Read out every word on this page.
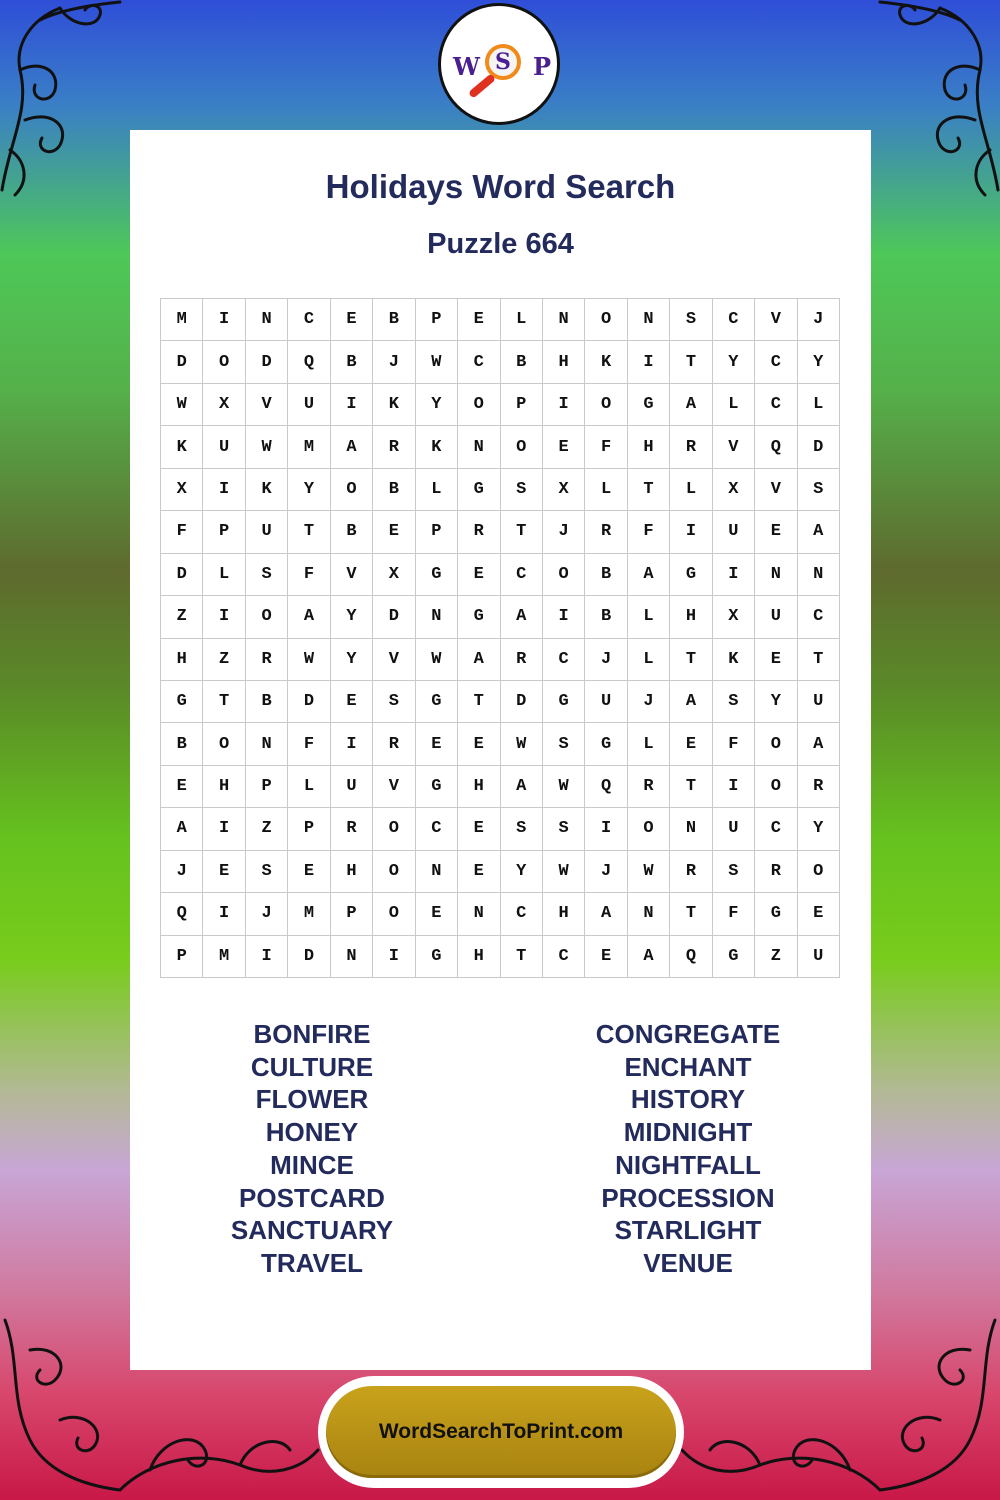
W S P
Holidays Word Search
Puzzle 664
M	I	N	C	E	B	P	E	L	N	O	N	S	C	V	J
D	O	D	Q	B	J	W	C	B	H	K	I	T	Y	C	Y
W	X	V	U	I	K	Y	O	P	I	O	G	A	L	C	L
K	U	W	M	A	R	K	N	O	E	F	H	R	V	Q	D
X	I	K	Y	O	B	L	G	S	X	L	T	L	X	V	S
F	P	U	T	B	E	P	R	T	J	R	F	I	U	E	A
D	L	S	F	V	X	G	E	C	O	B	A	G	I	N	N
Z	I	O	A	Y	D	N	G	A	I	B	L	H	X	U	C
H	Z	R	W	Y	V	W	A	R	C	J	L	T	K	E	T
G	T	B	D	E	S	G	T	D	G	U	J	A	S	Y	U
B	O	N	F	I	R	E	E	W	S	G	L	E	F	O	A
E	H	P	L	U	V	G	H	A	W	Q	R	T	I	O	R
A	I	Z	P	R	O	C	E	S	S	I	O	N	U	C	Y
J	E	S	E	H	O	N	E	Y	W	J	W	R	S	R	O
Q	I	J	M	P	O	E	N	C	H	A	N	T	F	G	E
P	M	I	D	N	I	G	H	T	C	E	A	Q	G	Z	U
BONFIRE
CULTURE
FLOWER
HONEY
MINCE
POSTCARD
SANCTUARY
TRAVEL
CONGREGATE
ENCHANT
HISTORY
MIDNIGHT
NIGHTFALL
PROCESSION
STARLIGHT
VENUE
WordSearchToPrint.com
